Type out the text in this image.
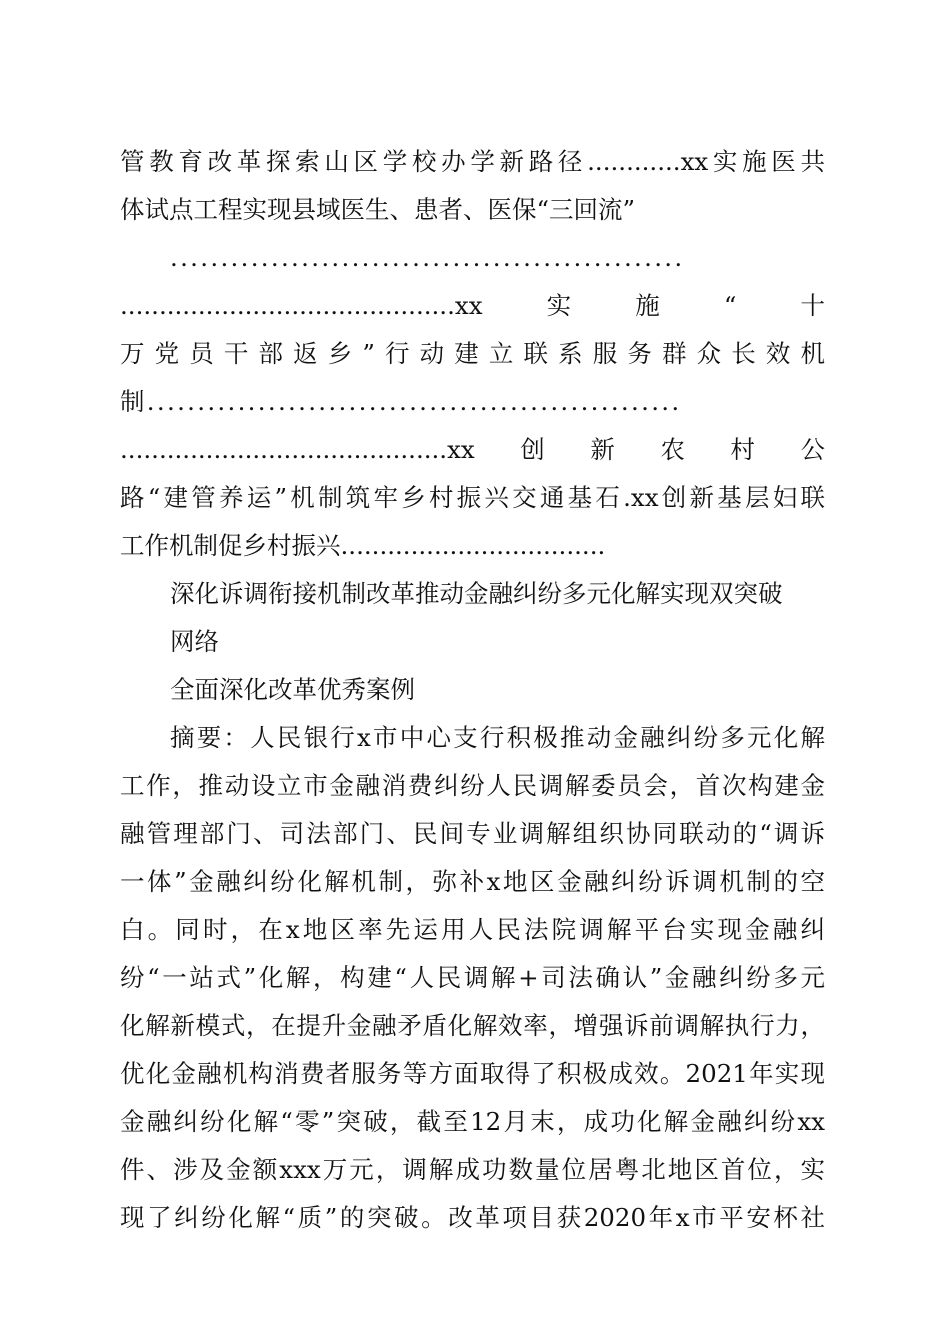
管教育改革探索山区学校办学新路径............xx实施医共
体试点工程实现县域医生、患者、医保“三回流”
...................................................
...........................................xx实施“十
万党员干部返乡”行动建立联系服务群众长效机
制.....................................................
..........................................xx创新农村公
路“建管养运”机制筑牢乡村振兴交通基石.xx创新基层妇联
工作机制促乡村振兴..................................
深化诉调衔接机制改革推动金融纠纷多元化解实现双突破
网络
全面深化改革优秀案例
摘要：人民银行x市中心支行积极推动金融纠纷多元化解
工作，推动设立市金融消费纠纷人民调解委员会，首次构建金
融管理部门、司法部门、民间专业调解组织协同联动的“调诉
一体”金融纠纷化解机制，弥补x地区金融纠纷诉调机制的空
白。同时，在x地区率先运用人民法院调解平台实现金融纠
纷“一站式”化解，构建“人民调解+司法确认”金融纠纷多元
化解新模式，在提升金融矛盾化解效率，增强诉前调解执行力，
优化金融机构消费者服务等方面取得了积极成效。2021年实现
金融纠纷化解“零”突破，截至12月末，成功化解金融纠纷xx
件、涉及金额xxx万元，调解成功数量位居粤北地区首位，实
现了纠纷化解“质”的突破。改革项目获2020年x市平安杯社
